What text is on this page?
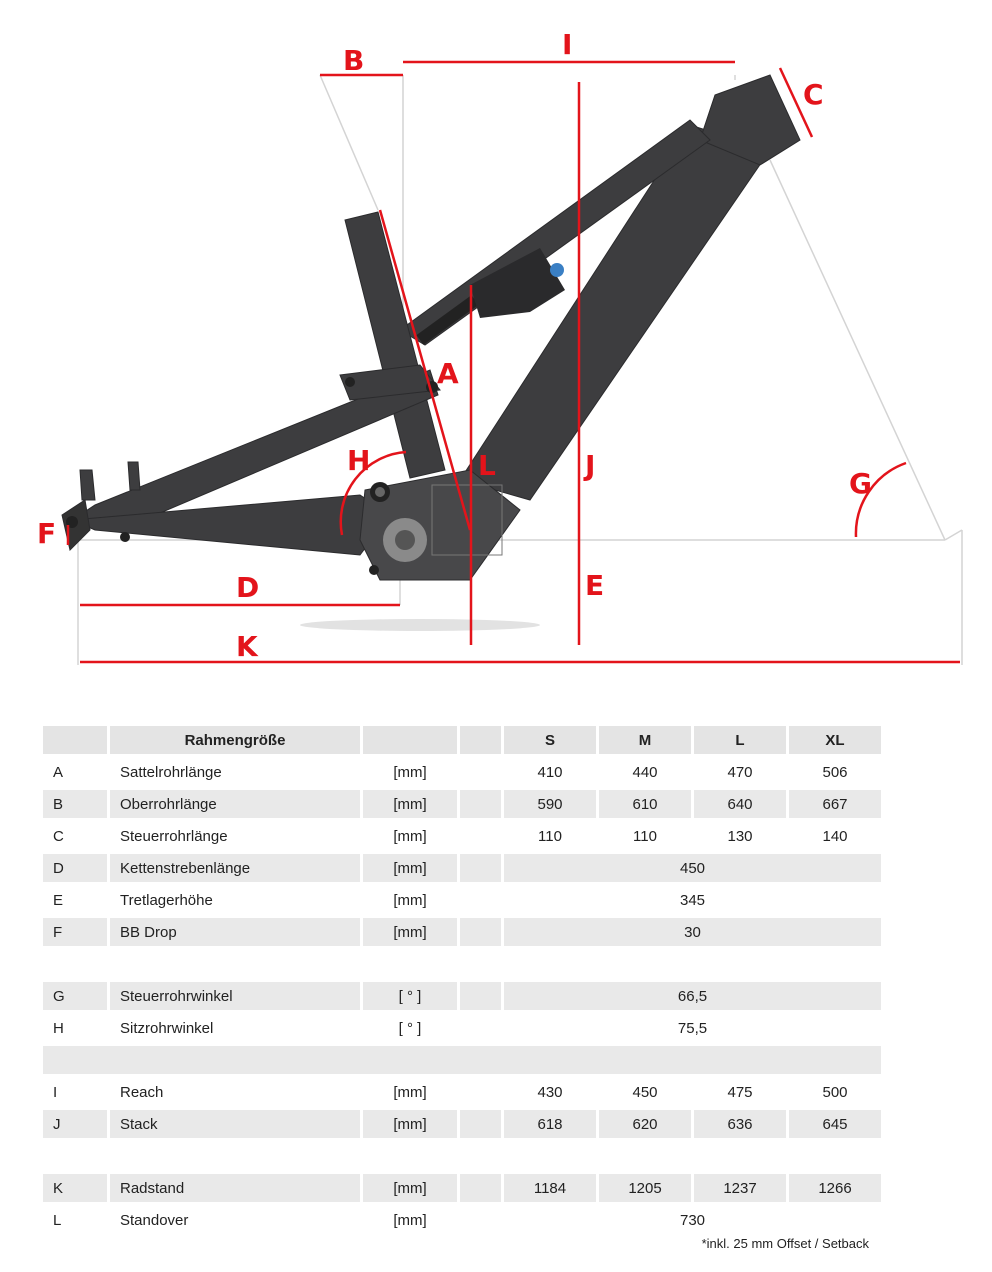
B	I
C
A
H	L	J
G
F
D	E
K
	Rahmengröße			S	M	L	XL
A	Sattelrohrlänge	[mm]		410	440	470	506
B	Oberrohrlänge	[mm]		590	610	640	667
C	Steuerrohrlänge	[mm]		110	110	130	140
D	Kettenstrebenlänge	[mm]		450			
E	Tretlagerhöhe	[mm]		345			
F	BB Drop	[mm]		30			

G	Steuerrohrwinkel	[ ° ]		66,5			
H	Sitzrohrwinkel	[ ° ]		75,5			

I	Reach	[mm]		430	450	475	500
J	Stack	[mm]		618	620	636	645

K	Radstand	[mm]		1184	1205	1237	1266
L	Standover	[mm]		730			
*inkl. 25 mm Offset / Setback
